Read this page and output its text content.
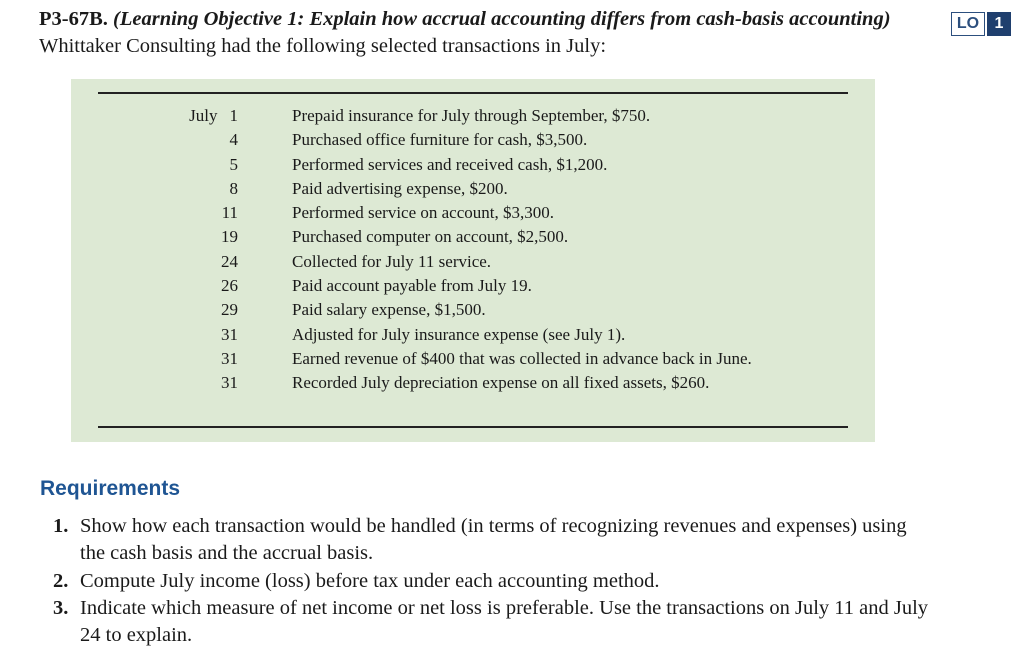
P3-67B. (Learning Objective 1: Explain how accrual accounting differs from cash-basis accounting) Whittaker Consulting had the following selected transactions in July:

LO 1
July 1	Prepaid insurance for July through September, $750.
4	Purchased office furniture for cash, $3,500.
5	Performed services and received cash, $1,200.
8	Paid advertising expense, $200.
11	Performed service on account, $3,300.
19	Purchased computer on account, $2,500.
24	Collected for July 11 service.
26	Paid account payable from July 19.
29	Paid salary expense, $1,500.
31	Adjusted for July insurance expense (see July 1).
31	Earned revenue of $400 that was collected in advance back in June.
31	Recorded July depreciation expense on all fixed assets, $260.
Requirements
1. Show how each transaction would be handled (in terms of recognizing revenues and expenses) using the cash basis and the accrual basis.
2. Compute July income (loss) before tax under each accounting method.
3. Indicate which measure of net income or net loss is preferable. Use the transactions on July 11 and July 24 to explain.
